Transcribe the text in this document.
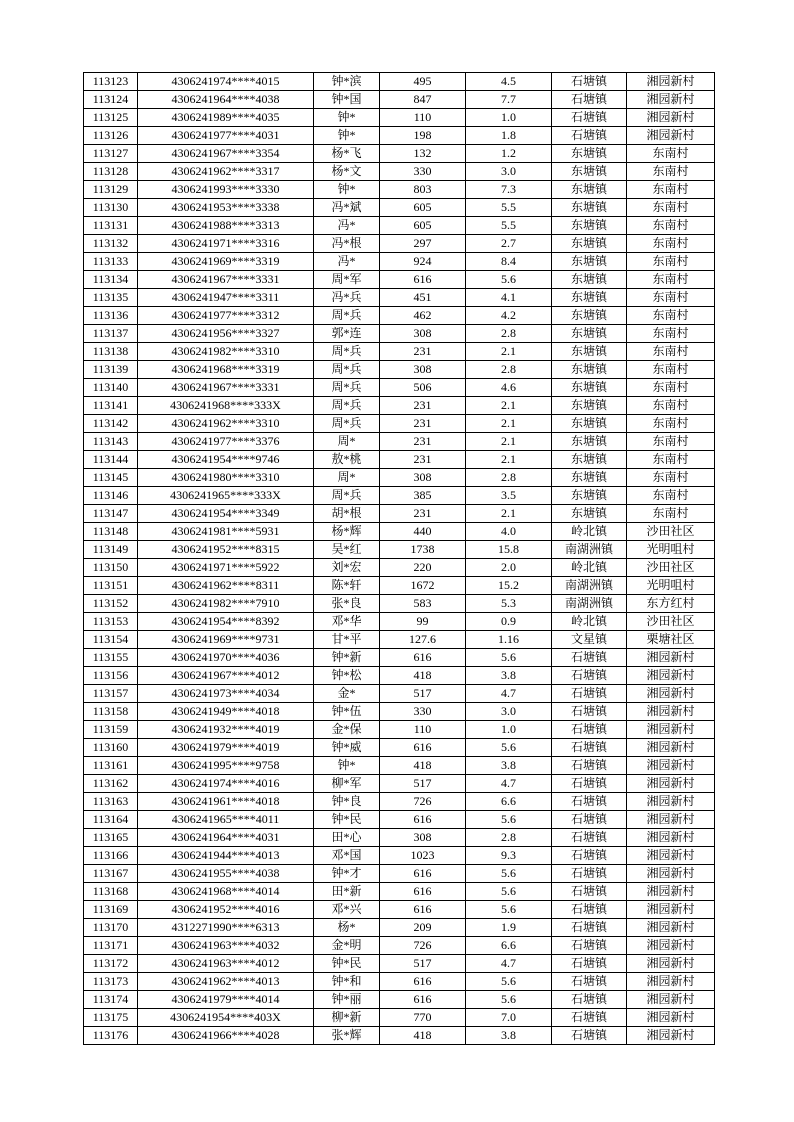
113123	4306241974****4015	钟*滨	495	4.5	石塘镇	湘园新村
113124	4306241964****4038	钟*国	847	7.7	石塘镇	湘园新村
113125	4306241989****4035	钟*	110	1.0	石塘镇	湘园新村
113126	4306241977****4031	钟*	198	1.8	石塘镇	湘园新村
113127	4306241967****3354	杨*飞	132	1.2	东塘镇	东南村
113128	4306241962****3317	杨*文	330	3.0	东塘镇	东南村
113129	4306241993****3330	钟*	803	7.3	东塘镇	东南村
113130	4306241953****3338	冯*斌	605	5.5	东塘镇	东南村
113131	4306241988****3313	冯*	605	5.5	东塘镇	东南村
113132	4306241971****3316	冯*根	297	2.7	东塘镇	东南村
113133	4306241969****3319	冯*	924	8.4	东塘镇	东南村
113134	4306241967****3331	周*军	616	5.6	东塘镇	东南村
113135	4306241947****3311	冯*兵	451	4.1	东塘镇	东南村
113136	4306241977****3312	周*兵	462	4.2	东塘镇	东南村
113137	4306241956****3327	郭*连	308	2.8	东塘镇	东南村
113138	4306241982****3310	周*兵	231	2.1	东塘镇	东南村
113139	4306241968****3319	周*兵	308	2.8	东塘镇	东南村
113140	4306241967****3331	周*兵	506	4.6	东塘镇	东南村
113141	4306241968****333X	周*兵	231	2.1	东塘镇	东南村
113142	4306241962****3310	周*兵	231	2.1	东塘镇	东南村
113143	4306241977****3376	周*	231	2.1	东塘镇	东南村
113144	4306241954****9746	敖*桃	231	2.1	东塘镇	东南村
113145	4306241980****3310	周*	308	2.8	东塘镇	东南村
113146	4306241965****333X	周*兵	385	3.5	东塘镇	东南村
113147	4306241954****3349	胡*根	231	2.1	东塘镇	东南村
113148	4306241981****5931	杨*辉	440	4.0	岭北镇	沙田社区
113149	4306241952****8315	吴*红	1738	15.8	南湖洲镇	光明咀村
113150	4306241971****5922	刘*宏	220	2.0	岭北镇	沙田社区
113151	4306241962****8311	陈*轩	1672	15.2	南湖洲镇	光明咀村
113152	4306241982****7910	张*良	583	5.3	南湖洲镇	东方红村
113153	4306241954****8392	邓*华	99	0.9	岭北镇	沙田社区
113154	4306241969****9731	甘*平	127.6	1.16	文星镇	栗塘社区
113155	4306241970****4036	钟*新	616	5.6	石塘镇	湘园新村
113156	4306241967****4012	钟*松	418	3.8	石塘镇	湘园新村
113157	4306241973****4034	金*	517	4.7	石塘镇	湘园新村
113158	4306241949****4018	钟*伍	330	3.0	石塘镇	湘园新村
113159	4306241932****4019	金*保	110	1.0	石塘镇	湘园新村
113160	4306241979****4019	钟*威	616	5.6	石塘镇	湘园新村
113161	4306241995****9758	钟*	418	3.8	石塘镇	湘园新村
113162	4306241974****4016	柳*军	517	4.7	石塘镇	湘园新村
113163	4306241961****4018	钟*良	726	6.6	石塘镇	湘园新村
113164	4306241965****4011	钟*民	616	5.6	石塘镇	湘园新村
113165	4306241964****4031	田*心	308	2.8	石塘镇	湘园新村
113166	4306241944****4013	邓*国	1023	9.3	石塘镇	湘园新村
113167	4306241955****4038	钟*才	616	5.6	石塘镇	湘园新村
113168	4306241968****4014	田*新	616	5.6	石塘镇	湘园新村
113169	4306241952****4016	邓*兴	616	5.6	石塘镇	湘园新村
113170	4312271990****6313	杨*	209	1.9	石塘镇	湘园新村
113171	4306241963****4032	金*明	726	6.6	石塘镇	湘园新村
113172	4306241963****4012	钟*民	517	4.7	石塘镇	湘园新村
113173	4306241962****4013	钟*和	616	5.6	石塘镇	湘园新村
113174	4306241979****4014	钟*丽	616	5.6	石塘镇	湘园新村
113175	4306241954****403X	柳*新	770	7.0	石塘镇	湘园新村
113176	4306241966****4028	张*辉	418	3.8	石塘镇	湘园新村
